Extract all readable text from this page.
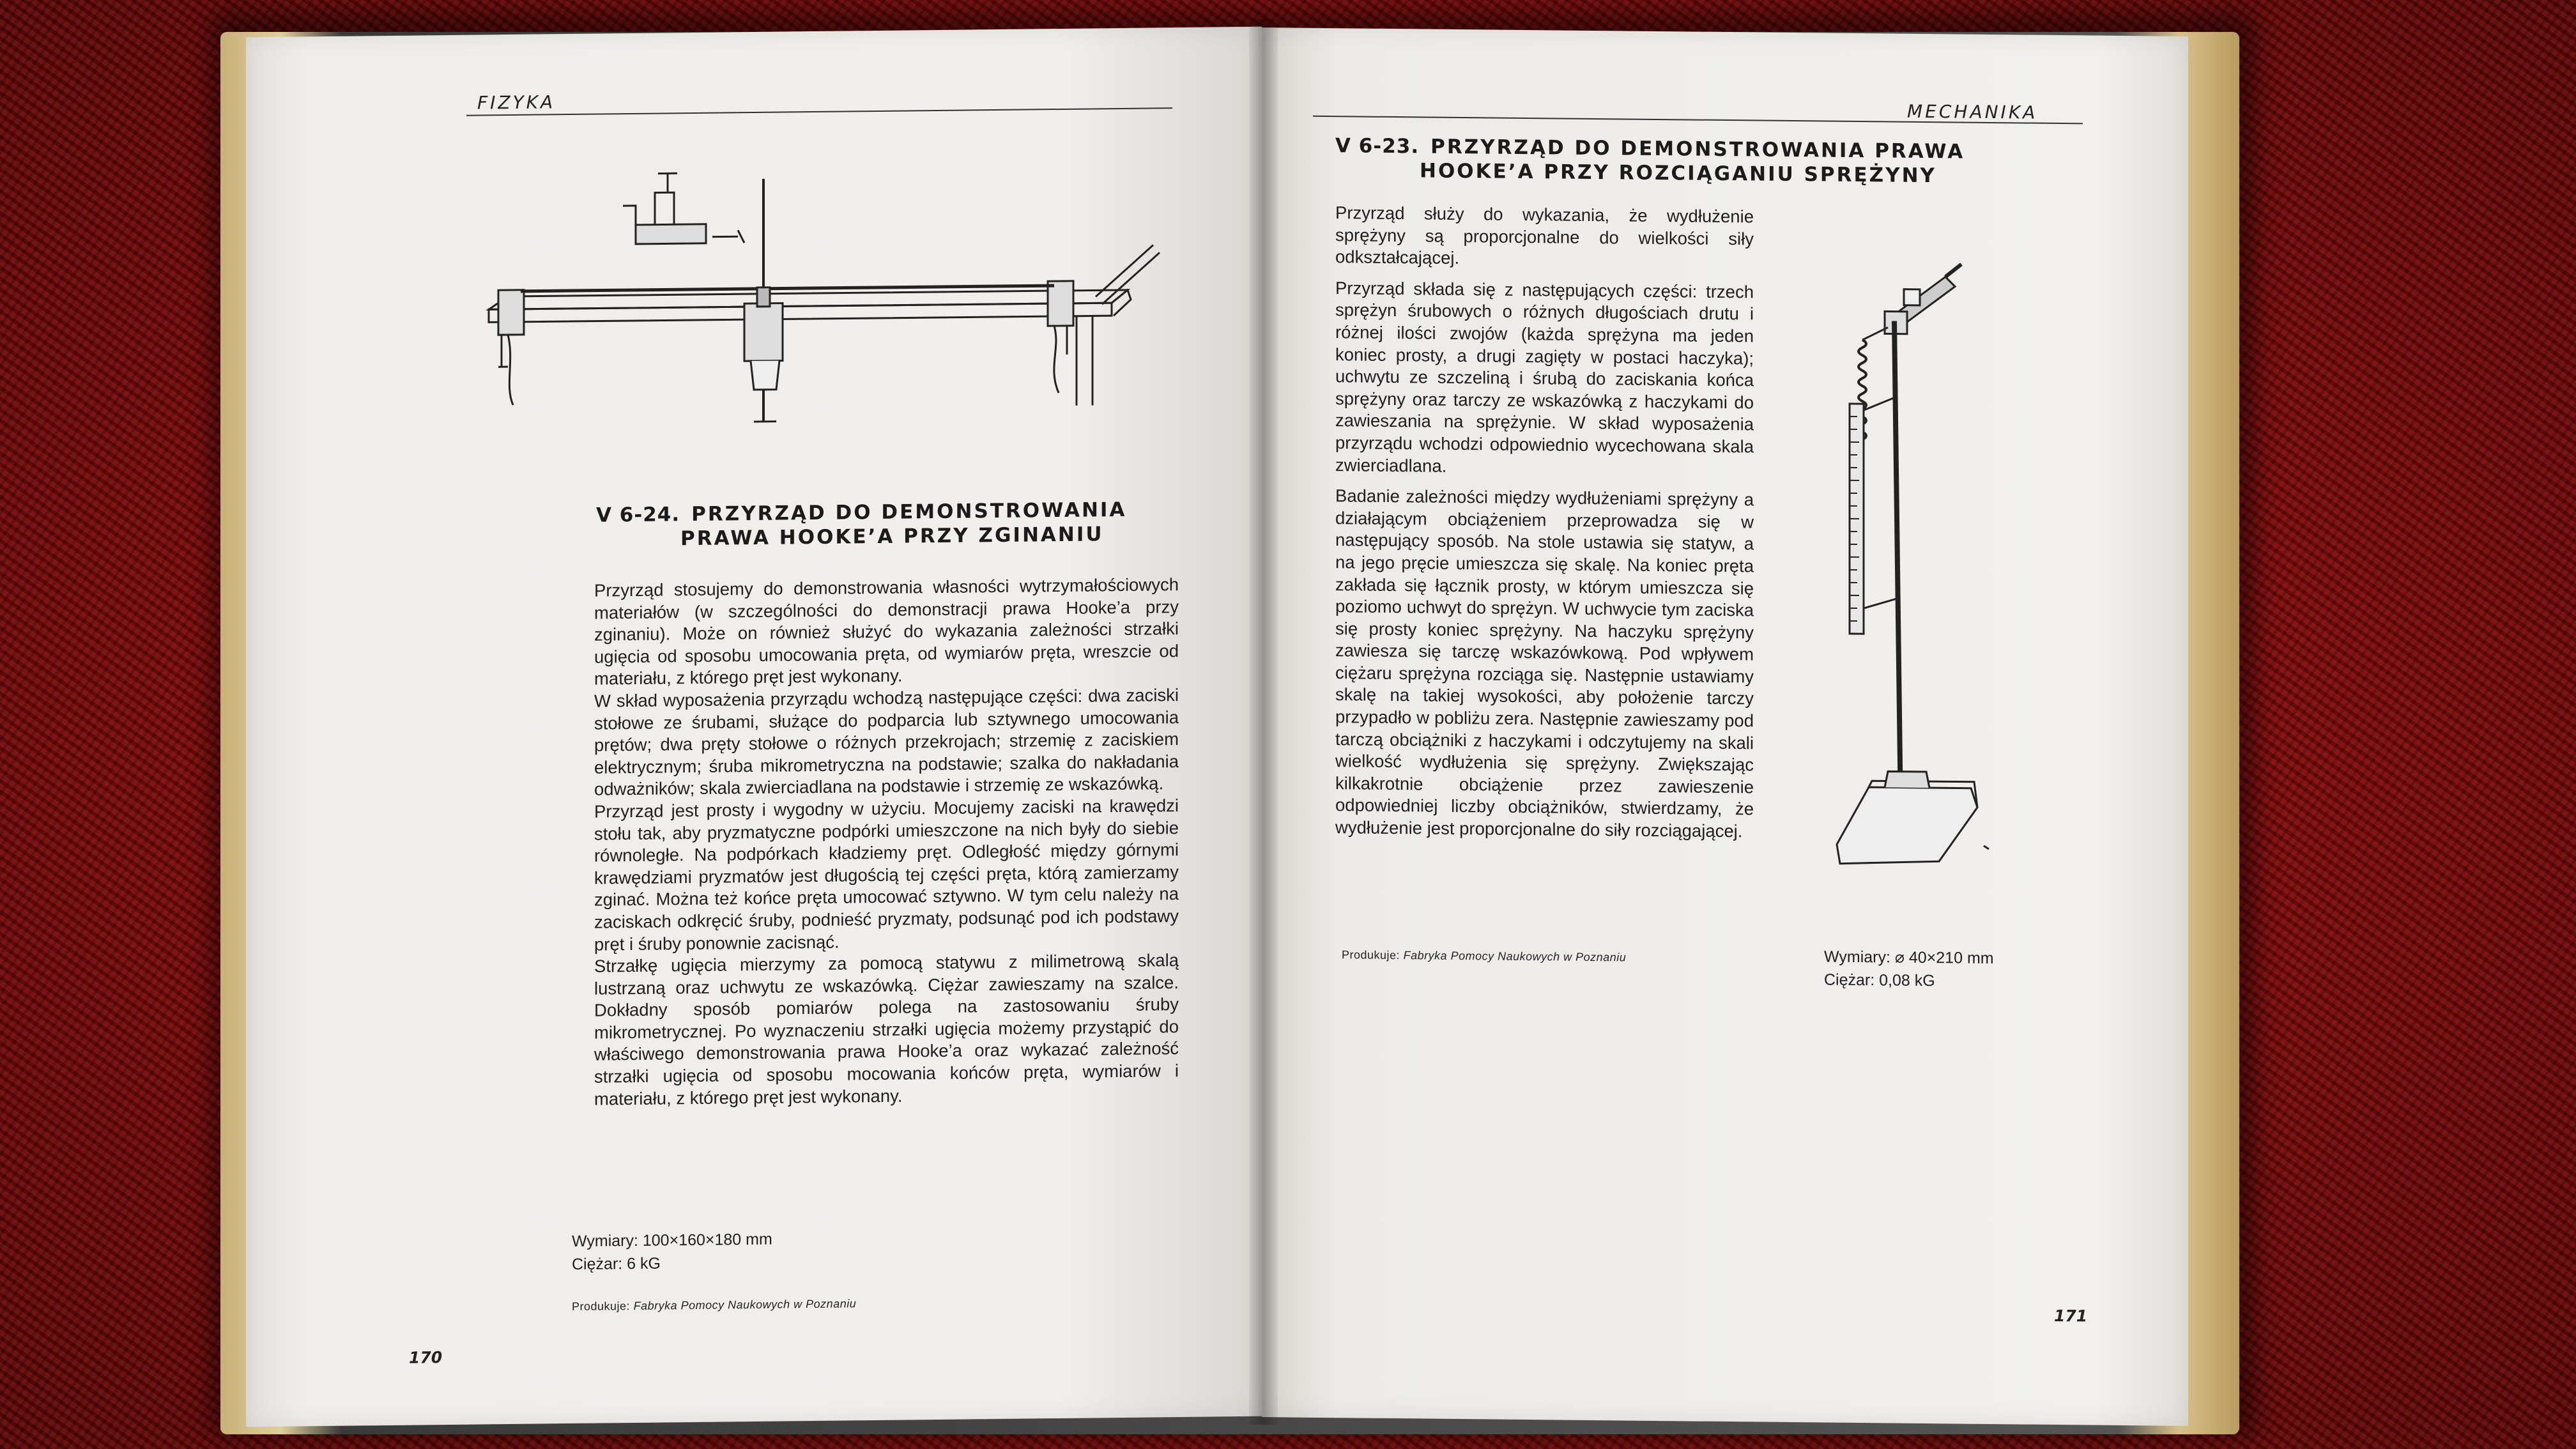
FIZYKA
V 6-24. PRZYRZĄD DO DEMONSTROWANIA
PRAWA HOOKE’A PRZY ZGINANIU

Przyrząd stosujemy do demonstrowania własności wytrzymałościowych materiałów (w szczególności do demonstracji prawa Hooke’a przy zginaniu). Może on również służyć do wykazania zależności strzałki ugięcia od sposobu umocowania pręta, od wymiarów pręta, wreszcie od materiału, z którego pręt jest wykonany.

W skład wyposażenia przyrządu wchodzą następujące części: dwa zaciski stołowe ze śrubami, służące do podparcia lub sztywnego umocowania prętów; dwa pręty stołowe o różnych przekrojach; strzemię z zaciskiem elektrycznym; śruba mikrometryczna na podstawie; szalka do nakładania odważników; skala zwierciadlana na podstawie i strzemię ze wskazówką.

Przyrząd jest prosty i wygodny w użyciu. Mocujemy zaciski na krawędzi stołu tak, aby pryzmatyczne podpórki umieszczone na nich były do siebie równoległe. Na podpórkach kładziemy pręt. Odległość między górnymi krawędziami pryzmatów jest długością tej części pręta, którą zamierzamy zginać. Można też końce pręta umocować sztywno. W tym celu należy na zaciskach odkręcić śruby, podnieść pryzmaty, podsunąć pod ich podstawy pręt i śruby ponownie zacisnąć.

Strzałkę ugięcia mierzymy za pomocą statywu z milimetrową skalą lustrzaną oraz uchwytu ze wskazówką. Ciężar zawieszamy na szalce. Dokładny sposób pomiarów polega na zastosowaniu śruby mikrometrycznej. Po wyznaczeniu strzałki ugięcia możemy przystąpić do właściwego demonstrowania prawa Hooke’a oraz wykazać zależność strzałki ugięcia od sposobu mocowania końców pręta, wymiarów i materiału, z którego pręt jest wykonany.

Wymiary: 100×160×180 mm
Ciężar: 6 kG
Produkuje: Fabryka Pomocy Naukowych w Poznaniu
170
MECHANIKA
V 6-23. PRZYRZĄD DO DEMONSTROWANIA PRAWA
HOOKE’A PRZY ROZCIĄGANIU SPRĘŻYNY

Przyrząd służy do wykazania, że wydłużenie sprężyny są proporcjonalne do wielkości siły odkształcającej.

Przyrząd składa się z następujących części: trzech sprężyn śrubowych o różnych długościach drutu i różnej ilości zwojów (każda sprężyna ma jeden koniec prosty, a drugi zagięty w postaci haczyka); uchwytu ze szczeliną i śrubą do zaciskania końca sprężyny oraz tarczy ze wskazówką z haczykami do zawieszania na sprężynie. W skład wyposażenia przyrządu wchodzi odpowiednio wycechowana skala zwierciadlana.

Badanie zależności między wydłużeniami sprężyny a działającym obciążeniem przeprowadza się w następujący sposób. Na stole ustawia się statyw, a na jego pręcie umieszcza się skalę. Na koniec pręta zakłada się łącznik prosty, w którym umieszcza się poziomo uchwyt do sprężyn. W uchwycie tym zaciska się prosty koniec sprężyny. Na haczyku sprężyny zawiesza się tarczę wskazówkową. Pod wpływem ciężaru sprężyna rozciąga się. Następnie ustawiamy skalę na takiej wysokości, aby położenie tarczy przypadło w pobliżu zera. Następnie zawieszamy pod tarczą obciążniki z haczykami i odczytujemy na skali wielkość wydłużenia się sprężyny. Zwiększając kilkakrotnie obciążenie przez zawieszenie odpowiedniej liczby obciążników, stwierdzamy, że wydłużenie jest proporcjonalne do siły rozciągającej.

Wymiary: ⌀ 40×210 mm
Ciężar: 0,08 kG
Produkuje: Fabryka Pomocy Naukowych w Poznaniu
171
